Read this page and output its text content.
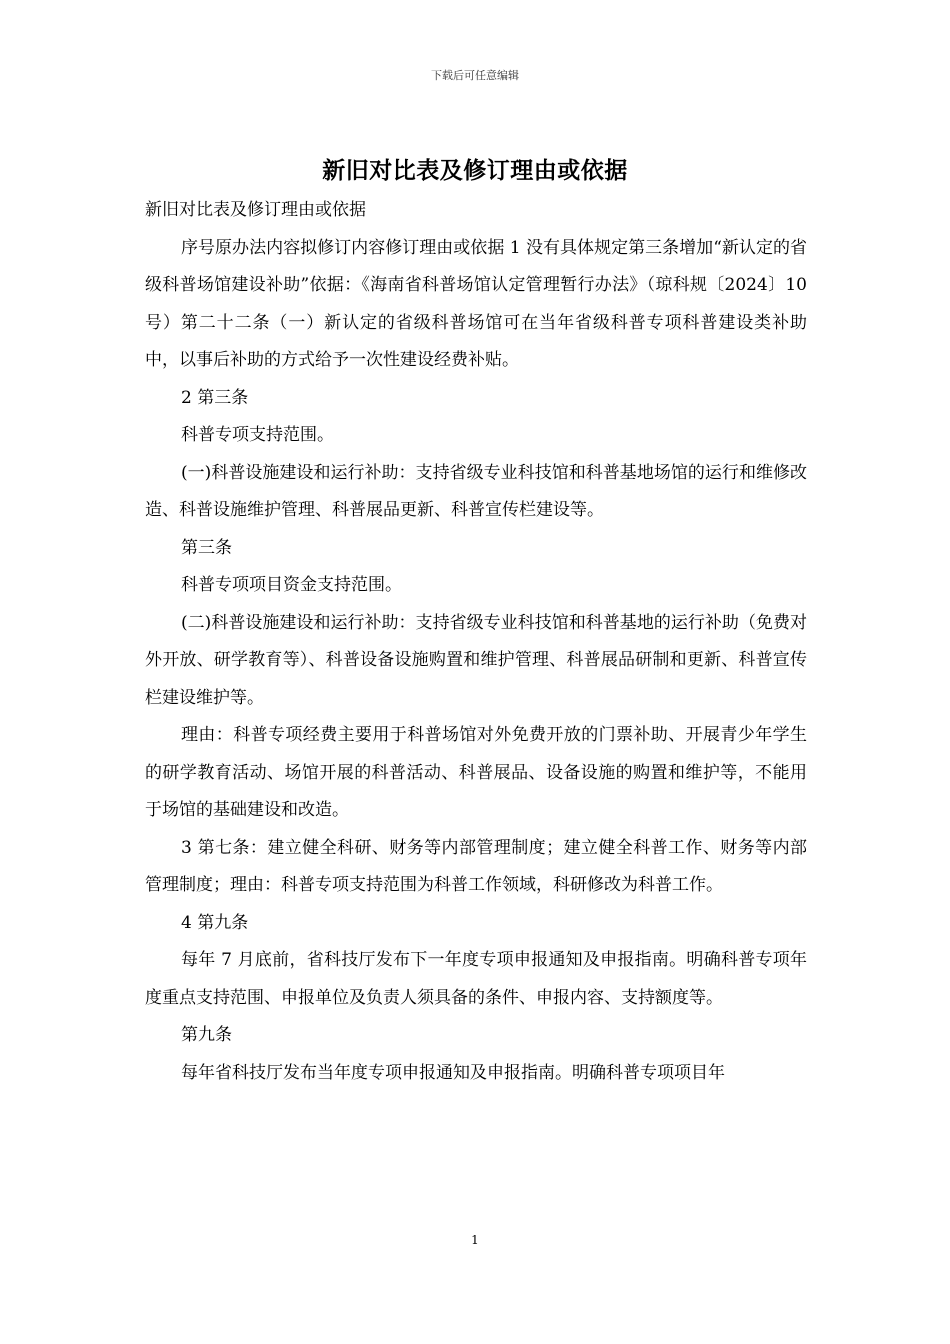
下载后可任意编辑
新旧对比表及修订理由或依据

新旧对比表及修订理由或依据

序号原办法内容拟修订内容修订理由或依据 1 没有具体规定第三条增加“新认定的省级科普场馆建设补助”依据：《海南省科普场馆认定管理暂行办法》（琼科规〔2024〕10 号）第二十二条（一）新认定的省级科普场馆可在当年省级科普专项科普建设类补助中，以事后补助的方式给予一次性建设经费补贴。

2 第三条

科普专项支持范围。

(一)科普设施建设和运行补助：支持省级专业科技馆和科普基地场馆的运行和维修改造、科普设施维护管理、科普展品更新、科普宣传栏建设等。

第三条

科普专项项目资金支持范围。

(二)科普设施建设和运行补助：支持省级专业科技馆和科普基地的运行补助（免费对外开放、研学教育等）、科普设备设施购置和维护管理、科普展品研制和更新、科普宣传栏建设维护等。

理由：科普专项经费主要用于科普场馆对外免费开放的门票补助、开展青少年学生的研学教育活动、场馆开展的科普活动、科普展品、设备设施的购置和维护等，不能用于场馆的基础建设和改造。

3 第七条：建立健全科研、财务等内部管理制度；建立健全科普工作、财务等内部管理制度；理由：科普专项支持范围为科普工作领域，科研修改为科普工作。

4 第九条

每年 7 月底前，省科技厅发布下一年度专项申报通知及申报指南。明确科普专项年度重点支持范围、申报单位及负责人须具备的条件、申报内容、支持额度等。

第九条

每年省科技厅发布当年度专项申报通知及申报指南。明确科普专项项目年

1
